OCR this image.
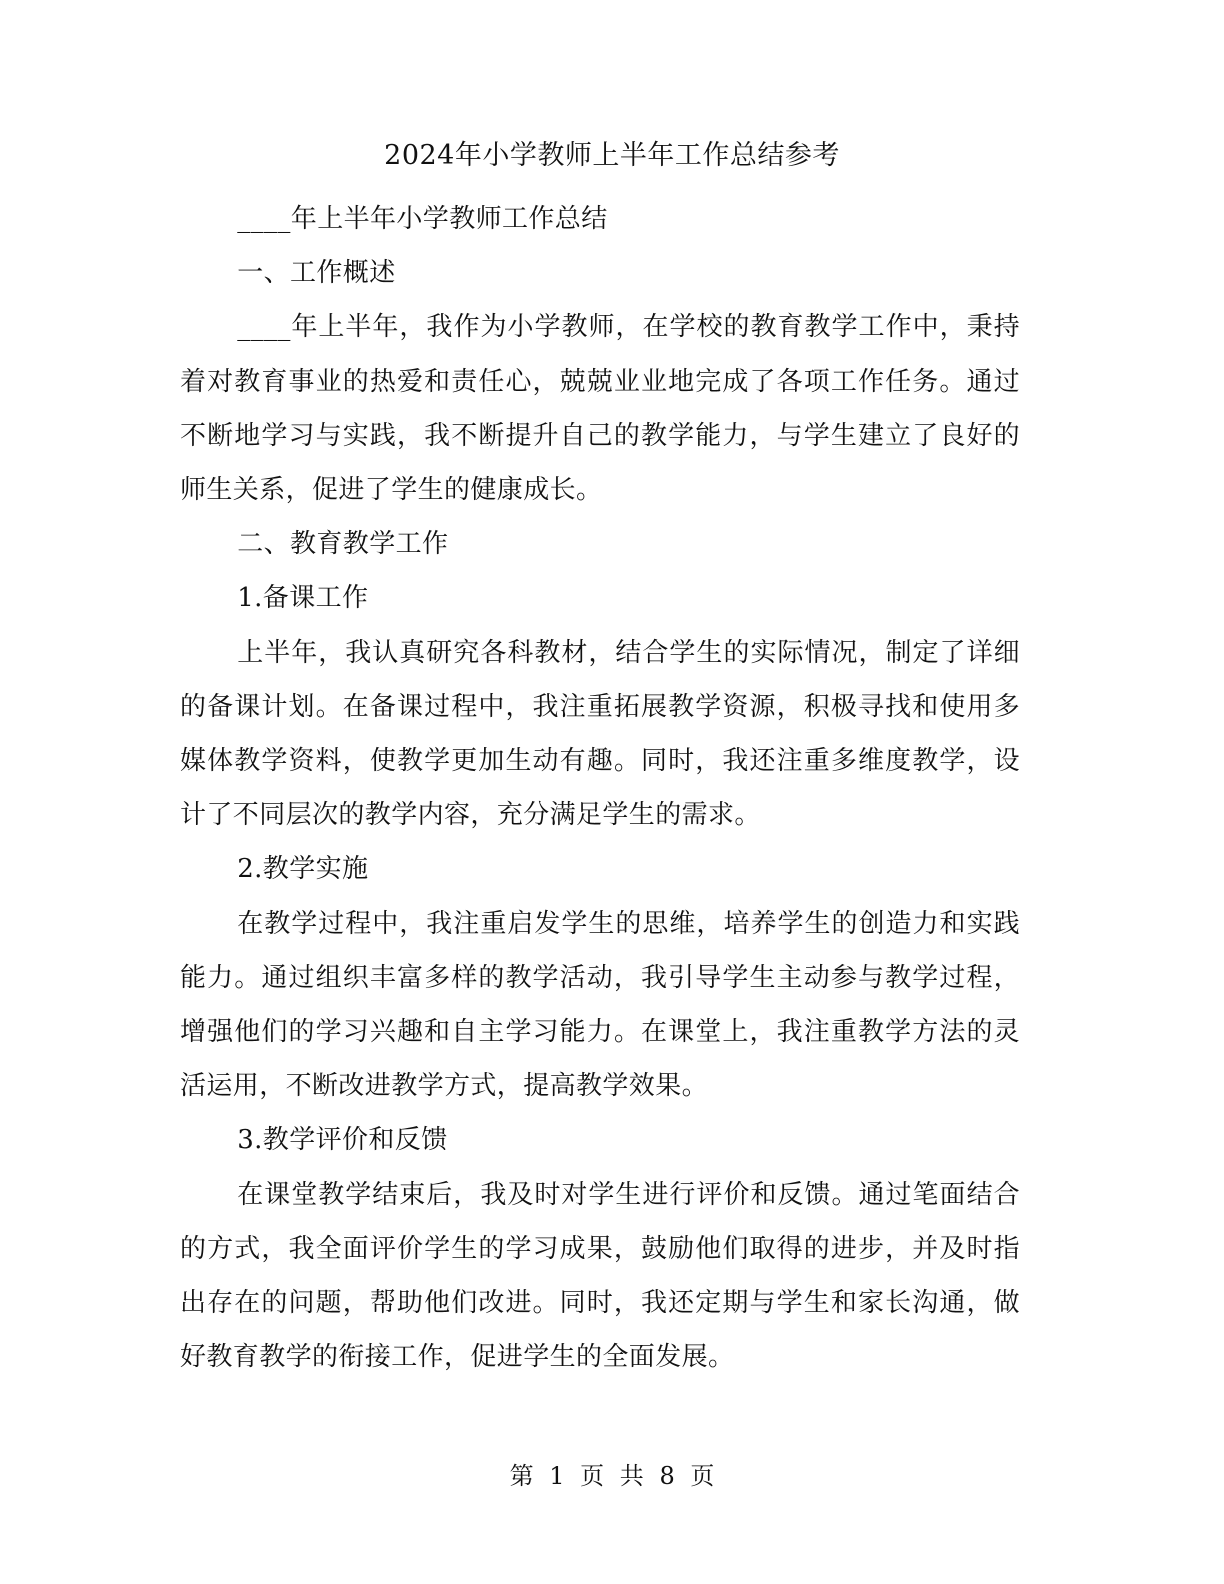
2024年小学教师上半年工作总结参考

____年上半年小学教师工作总结

一、工作概述

____年上半年，我作为小学教师，在学校的教育教学工作中，秉持着对教育事业的热爱和责任心，兢兢业业地完成了各项工作任务。通过不断地学习与实践，我不断提升自己的教学能力，与学生建立了良好的师生关系，促进了学生的健康成长。

二、教育教学工作

1.备课工作

上半年，我认真研究各科教材，结合学生的实际情况，制定了详细的备课计划。在备课过程中，我注重拓展教学资源，积极寻找和使用多媒体教学资料，使教学更加生动有趣。同时，我还注重多维度教学，设计了不同层次的教学内容，充分满足学生的需求。

2.教学实施

在教学过程中，我注重启发学生的思维，培养学生的创造力和实践能力。通过组织丰富多样的教学活动，我引导学生主动参与教学过程，增强他们的学习兴趣和自主学习能力。在课堂上，我注重教学方法的灵活运用，不断改进教学方式，提高教学效果。

3.教学评价和反馈

在课堂教学结束后，我及时对学生进行评价和反馈。通过笔面结合的方式，我全面评价学生的学习成果，鼓励他们取得的进步，并及时指出存在的问题，帮助他们改进。同时，我还定期与学生和家长沟通，做好教育教学的衔接工作，促进学生的全面发展。

第 1 页 共 8 页
